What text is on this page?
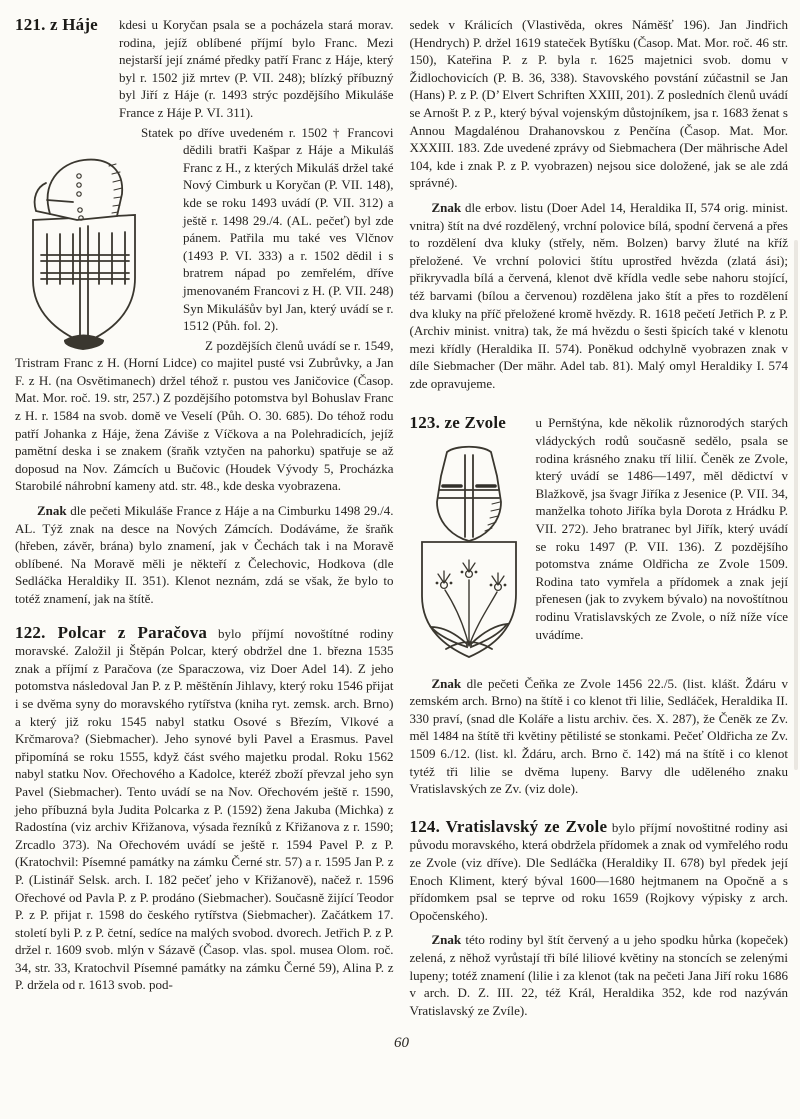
121. z Háje	kdesi u Koryčan psala se a pocházela stará morav. rodina, jejíž oblíbené příjmí bylo Franc. Mezi nejstarší její známé předky patří Franc z Háje, který byl r. 1502 již mrtev (P. VII. 248); blízký příbuzný byl Jiří z Háje (r. 1493 strýc pozdějšího Mikuláše France z Háje P. VI. 311).

Statek po dříve uvedeném r. 1502 † Francovi dědili bratři Kašpar z Háje a Mikuláš Franc z H., z kterých Mikuláš držel také Nový Cimburk u Koryčan (P. VII. 148), kde se roku 1493 uvádí (P. VII. 312) a ještě r. 1498 29./4. (AL. pečeť) byl zde pánem. Patřila mu také ves Vlčnov (1493 P. VI. 333) a r. 1502 dědil i s bratrem nápad po zemřelém, dříve jmenovaném Francovi z H. (P. VII. 248) Syn Mikulášův byl Jan, který uvádí se r. 1512 (Půh. fol. 2).

Z pozdějších členů uvádí se r. 1549, Tristram Franc z H. (Horní Lidce) co majitel pusté vsi Zubrůvky, a Jan F. z H. (na Osvětimanech) držel téhož r. pustou ves Janičovice (Časop. Mat. Mor. roč. 19. str, 257.) Z pozdějšího potomstva byl Bohuslav Franc z H. r. 1584 na svob. domě ve Veselí (Půh. O. 30. 685). Do téhož rodu patří Johanka z Háje, žena Záviše z Víčkova a na Polehradicích, jejíž pamětní deska i se znakem (šraňk vztyčen na pahorku) spatřuje se až doposud na Nov. Zámcích u Bučovic (Houdek Vývody 5, Procházka Starobilé náhrobní kameny atd. str. 48., kde deska vyobrazena.

Znak dle pečeti Mikuláše France z Háje a na Cimburku 1498 29./4. AL. Týž znak na desce na Nových Zámcích. Dodáváme, že šraňk (hřeben, závěr, brána) bylo znamení, jak v Čechách tak i na Moravě oblíbené. Na Moravě měli je někteří z Čelechovic, Hodkova (dle Sedláčka Heraldiky II. 351). Klenot neznám, zdá se však, že bylo to totéž znamení, jak na štítě.

122. Polcar z Paračova bylo příjmí novoštítné rodiny moravské. Založil ji Štěpán Polcar, který obdržel dne 1. března 1535 znak a příjmí z Paračova (ze Sparaczowa, viz Doer Adel 14). Z jeho potomstva následoval Jan P. z P. měštěnín Jihlavy, který roku 1546 přijat i se dvěma syny do moravského rytířstva (kniha ryt. zemsk. arch. Brno) a který již roku 1545 nabyl statku Osové s Březím, Vlkové a Krčmarova? (Siebmacher). Jeho synové byli Pavel a Erasmus. Pavel připomíná se roku 1555, když část svého majetku prodal. Roku 1562 nabyl statku Nov. Ořechového a Kadolce, kteréž zboží převzal jeho syn Pavel (Siebmacher). Tento uvádí se na Nov. Ořechovém ještě r. 1590, jeho příbuzná byla Judita Polcarka z P. (1592) žena Jakuba (Michka) z Radostína (viz archiv Křižanova, výsada řezníků z Křižanova z r. 1590; Zrcadlo 373). Na Ořechovém uvádí se ještě r. 1594 Pavel P. z P. (Kratochvil: Písemné památky na zámku Černé str. 57) a r. 1595 Jan P. z P. (Listinář Selsk. arch. I. 182 pečeť jeho v Křižanově), načež r. 1596 Ořechové od Pavla P. z P. prodáno (Siebmacher). Současně žijící Teodor P. z P. přijat r. 1598 do českého rytířstva (Siebmacher). Začátkem 17. století byli P. z P. četní, sedíce na malých svobod. dvorech. Jetřich P. z P. držel r. 1609 svob. mlýn v Sázavě (Časop. vlas. spol. musea Olom. roč. 34, str. 33, Kratochvil Písemné památky na zámku Černé 59), Alina P. z P. držela od r. 1613 svob. pod-

sedek v Králicích (Vlastivěda, okres Náměšť 196). Jan Jindřich (Hendrych) P. držel 1619 stateček Bytíšku (Časop. Mat. Mor. roč. 46 str. 150), Kateřina P. z P. byla r. 1625 majetnici svob. domu v Židlochovicích (P. B. 36, 338). Stavovského povstání zúčastnil se Jan (Hans) P. z P. (D’ Elvert Schriften XXIII, 201). Z posledních členů uvádí se Arnošt P. z P., který býval vojenským důstojníkem, jsa r. 1683 ženat s Annou Magdalénou Drahanovskou z Penčína (Časop. Mat. Mor. XXXIII. 183. Zde uvedené zprávy od Siebmachera (Der mährische Adel 104, kde i znak P. z P. vyobrazen) nejsou sice doložené, jak se ale zdá správné).

Znak dle erbov. listu (Doer Adel 14, Heraldika II, 574 orig. minist. vnitra) štít na dvé rozdělený, vrchní polovice bílá, spodní červená a přes to rozdělení dva kluky (střely, něm. Bolzen) barvy žluté na kříž přeložené. Ve vrchní polovici štítu uprostřed hvězda (zlatá ási); přikryvadla bílá a červená, klenot dvě křídla vedle sebe nahoru stojící, též barvami (bílou a červenou) rozdělena jako štít a přes to rozdělení dva kluky na příč přeložené kromě hvězdy. R. 1618 pečetí Jetřich P. z P. (Archiv minist. vnitra) tak, že má hvězdu o šesti špicích také v klenotu mezi křídly (Heraldika II. 574). Poněkud odchylně vyobrazen znak v díle Siebmacher (Der mähr. Adel tab. 81). Malý omyl Heraldiky I. 574 zde opravujeme.

123. ze Zvole	u Pernštýna, kde několik různorodých starých vládyckých rodů současně sedělo, psala se rodina krásného znaku tří lilií. Čeněk ze Zvole, který uvádí se 1486—1497, měl dědictví v Blažkově, jsa švagr Jiříka z Jesenice (P. VII. 34, manželka tohoto Jiříka byla Dorota z Hrádku P. VII. 272). Jeho bratranec byl Jiřík, který uvádí se roku 1497 (P. VII. 136). Z pozdějšího potomstva známe Oldřicha ze Zvole 1509. Rodina tato vymřela a přídomek a znak její přenesen (jak to zvykem bývalo) na novoštítnou rodinu Vratislavských ze Zvole, o níž níže více uvádíme.

Znak dle pečeti Čeňka ze Zvole 1456 22./5. (list. klášt. Ždáru v zemském arch. Brno) na štítě i co klenot tři lilie, Sedláček, Heraldika II. 330 praví, (snad dle Koláře a listu archiv. čes. X. 287), že Čeněk ze Zv. měl 1484 na štítě tři květiny pětilisté se stonkami. Pečeť Oldřicha ze Zv. 1509 6./12. (list. kl. Ždáru, arch. Brno č. 142) má na štítě i co klenot tytéž tři lilie se dvěma lupeny. Barvy dle uděleného znaku Vratislavských ze Zv. (viz dole).

124. Vratislavský ze Zvole bylo příjmí novoštitné rodiny asi původu moravského, která obdržela přídomek a znak od vymřelého rodu ze Zvole (viz dříve). Dle Sedláčka (Heraldiky II. 678) byl předek její Enoch Kliment, který býval 1600—1680 hejtmanem na Opočně a s přídomkem psal se teprve od roku 1659 (Rojkovy výpisky z arch. Opočenského).

Znak této rodiny byl štít červený a u jeho spodku hůrka (kopeček) zelená, z něhož vyrůstají tři bílé liliové květiny na stoncích se zelenými lupeny; totéž znamení (lilie i za klenot (tak na pečeti Jana Jiří roku 1686 v arch. D. Z. III. 22, též Král, Heraldika 352, kde rod nazýván Vratislavský ze Zvíle).

60
